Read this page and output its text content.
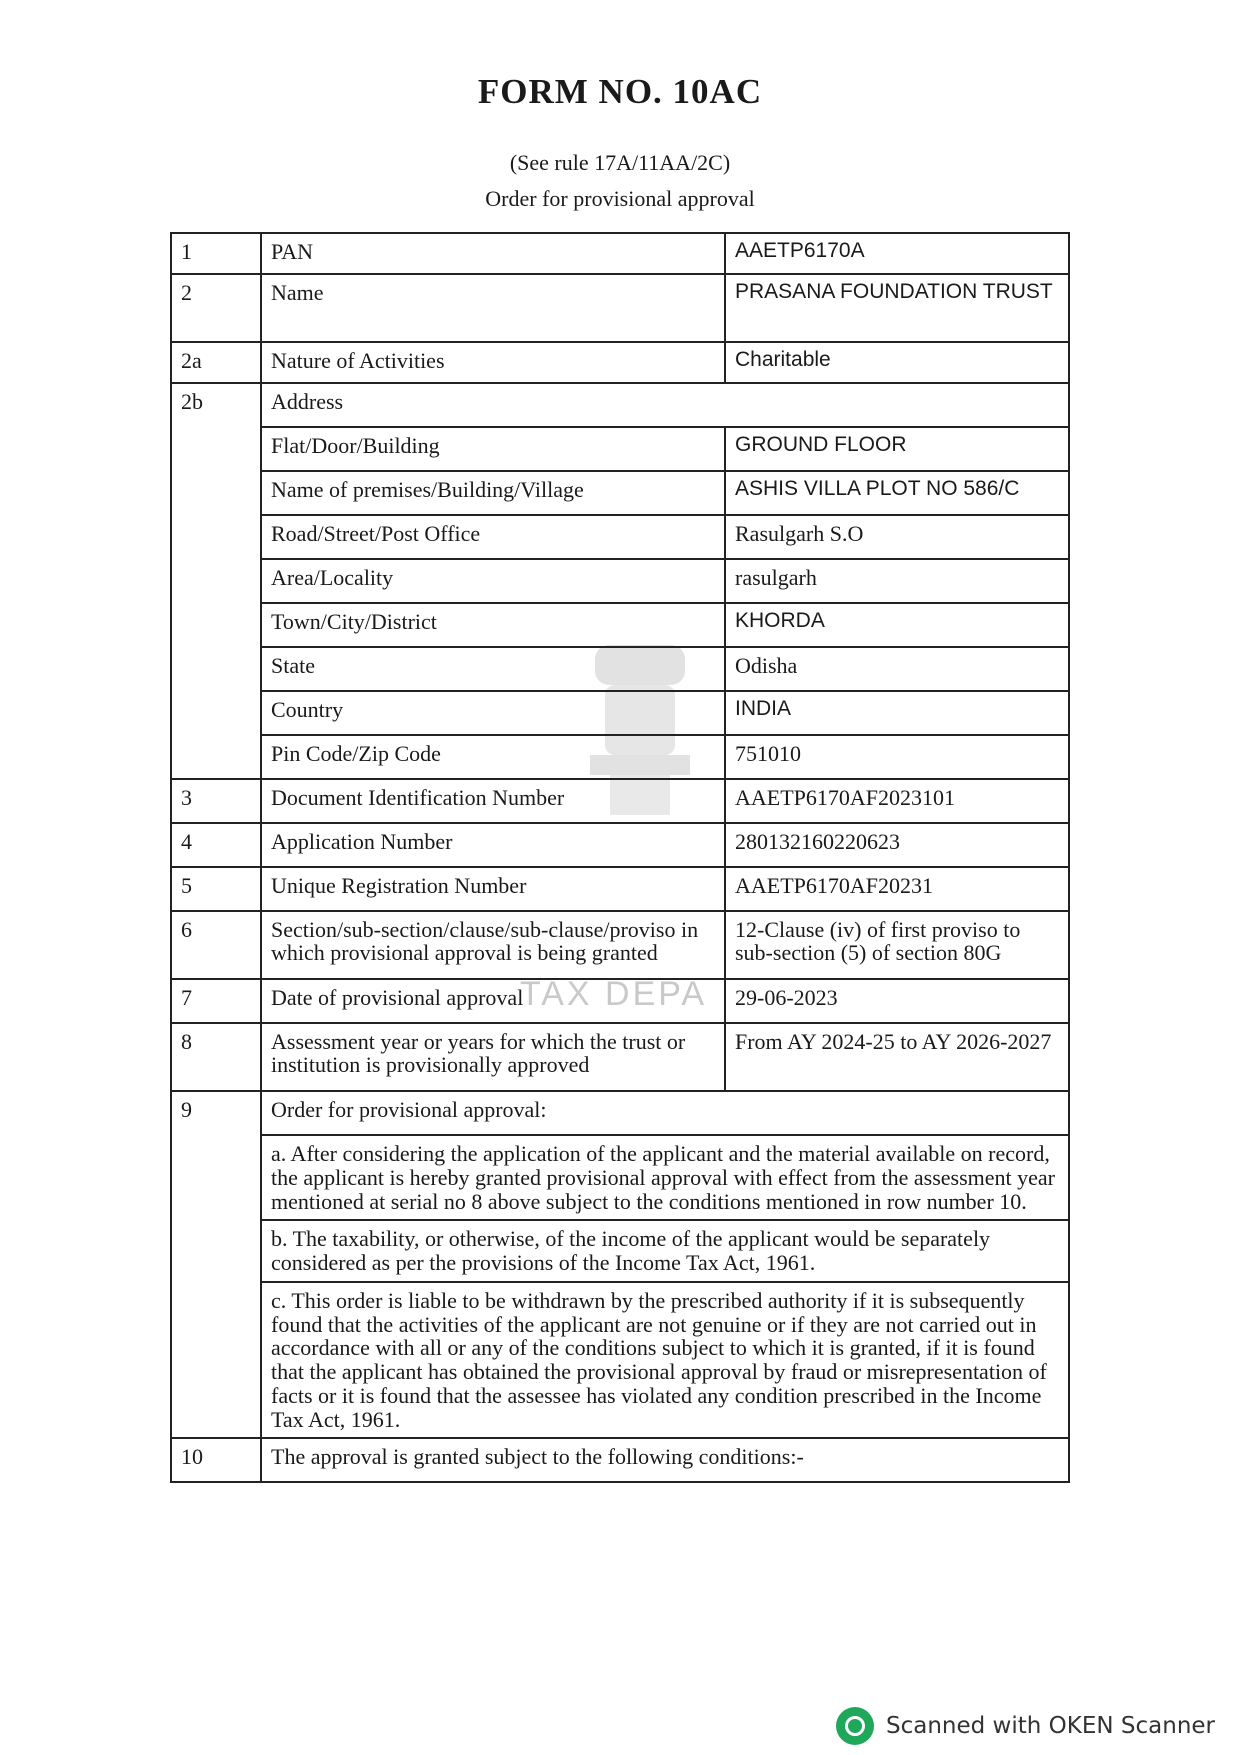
FORM NO. 10AC
(See rule 17A/11AA/2C)
Order for provisional approval
TAX DEPA
1	PAN	AAETP6170A
2	Name	PRASANA FOUNDATION TRUST
2a	Nature of Activities	Charitable
2b	Address	
	Flat/Door/Building	GROUND FLOOR
	Name of premises/Building/Village	ASHIS VILLA PLOT NO 586/C
	Road/Street/Post Office	Rasulgarh S.O
	Area/Locality	rasulgarh
	Town/City/District	KHORDA
	State	Odisha
	Country	INDIA
	Pin Code/Zip Code	751010
3	Document Identification Number	AAETP6170AF2023101
4	Application Number	280132160220623
5	Unique Registration Number	AAETP6170AF20231
6	Section/sub-section/clause/sub-clause/proviso in which provisional approval is being granted	12-Clause (iv) of first proviso to sub-section (5) of section 80G
7	Date of provisional approval	29-06-2023
8	Assessment year or years for which the trust or institution is provisionally approved	From AY 2024-25 to AY 2026-2027
9	Order for provisional approval:	
	a. After considering the application of the applicant and the material available on record, the applicant is hereby granted provisional approval with effect from the assessment year mentioned at serial no 8 above subject to the conditions mentioned in row number 10.	
	b. The taxability, or otherwise, of the income of the applicant would be separately considered as per the provisions of the Income Tax Act, 1961.	
	c. This order is liable to be withdrawn by the prescribed authority if it is subsequently found that the activities of the applicant are not genuine or if they are not carried out in accordance with all or any of the conditions subject to which it is granted, if it is found that the applicant has obtained the provisional approval by fraud or misrepresentation of facts or it is found that the assessee has violated any condition prescribed in the Income Tax Act, 1961.	
10	The approval is granted subject to the following conditions:-	
Scanned with OKEN Scanner
